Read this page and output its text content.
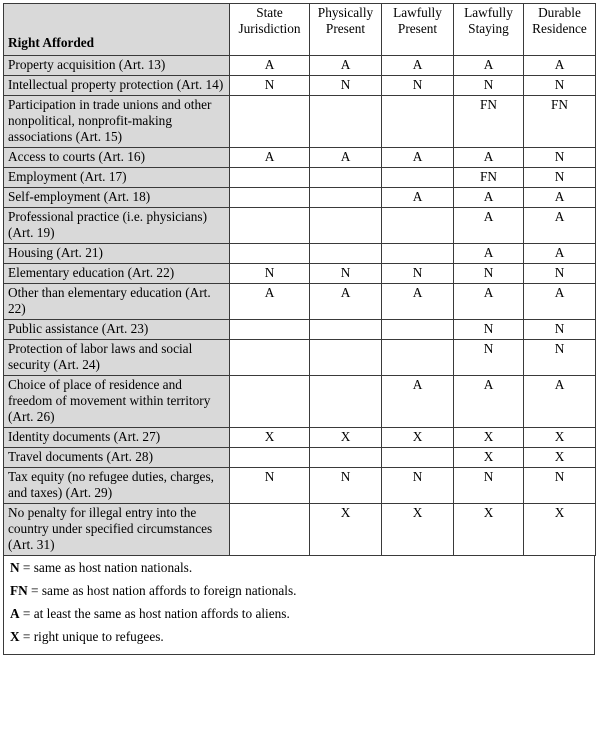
Right Afforded	State Jurisdiction	Physically Present	Lawfully Present	Lawfully Staying	Durable Residence
Property acquisition (Art. 13)	A	A	A	A	A
Intellectual property protection (Art. 14)	N	N	N	N	N
Participation in trade unions and other nonpolitical, nonprofit-making associations (Art. 15)				FN	FN
Access to courts (Art. 16)	A	A	A	A	N
Employment (Art. 17)				FN	N
Self-employment (Art. 18)			A	A	A
Professional practice (i.e. physicians) (Art. 19)				A	A
Housing (Art. 21)				A	A
Elementary education (Art. 22)	N	N	N	N	N
Other than elementary education (Art. 22)	A	A	A	A	A
Public assistance (Art. 23)				N	N
Protection of labor laws and social security (Art. 24)				N	N
Choice of place of residence and freedom of movement within territory (Art. 26)			A	A	A
Identity documents (Art. 27)	X	X	X	X	X
Travel documents (Art. 28)				X	X
Tax equity (no refugee duties, charges, and taxes) (Art. 29)	N	N	N	N	N
No penalty for illegal entry into the country under specified circumstances (Art. 31)		X	X	X	X
N = same as host nation nationals.
FN = same as host nation affords to foreign nationals.
A = at least the same as host nation affords to aliens.
X = right unique to refugees.
